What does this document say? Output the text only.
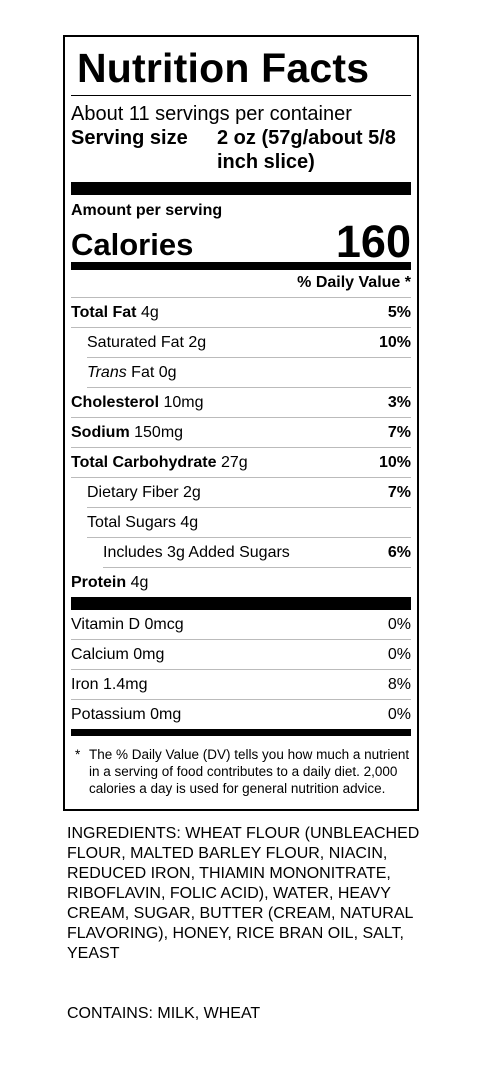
Nutrition Facts
About 11 servings per container
Serving size	2 oz (57g/about 5/8 inch slice)
Amount per serving
Calories	160
% Daily Value *
Total Fat 4g	5%
Saturated Fat 2g	10%
Trans Fat 0g
Cholesterol 10mg	3%
Sodium 150mg	7%
Total Carbohydrate 27g	10%
Dietary Fiber 2g	7%
Total Sugars 4g
Includes 3g Added Sugars	6%
Protein 4g
Vitamin D 0mcg	0%
Calcium 0mg	0%
Iron 1.4mg	8%
Potassium 0mg	0%
* The % Daily Value (DV) tells you how much a nutrient in a serving of food contributes to a daily diet. 2,000 calories a day is used for general nutrition advice.
INGREDIENTS: WHEAT FLOUR (UNBLEACHED FLOUR, MALTED BARLEY FLOUR, NIACIN, REDUCED IRON, THIAMIN MONONITRATE, RIBOFLAVIN, FOLIC ACID), WATER, HEAVY CREAM, SUGAR, BUTTER (CREAM, NATURAL FLAVORING), HONEY, RICE BRAN OIL, SALT, YEAST
CONTAINS: MILK, WHEAT
